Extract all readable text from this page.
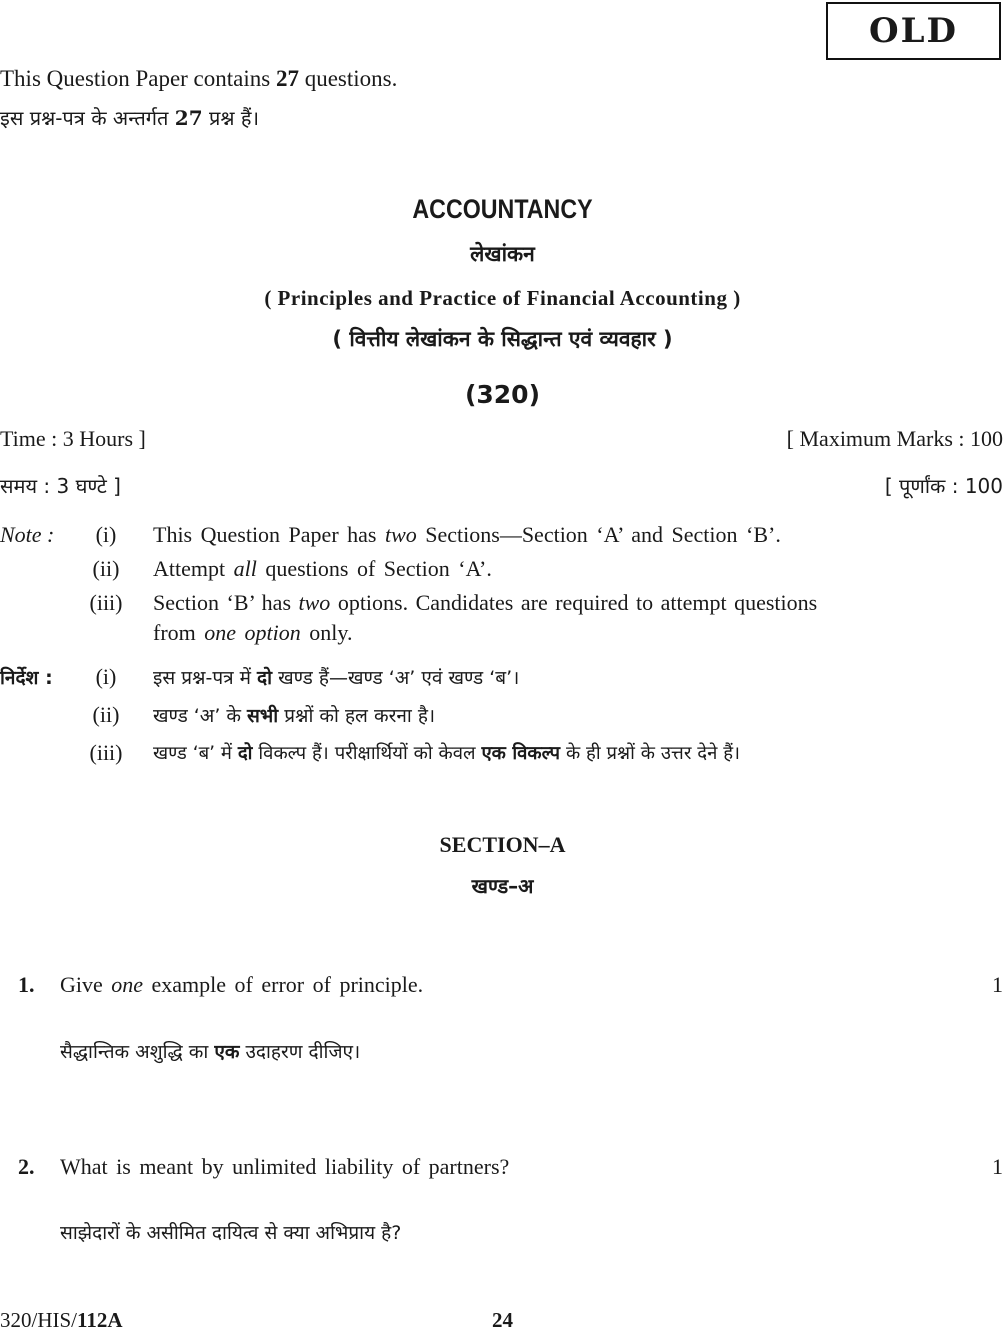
OLD
This Question Paper contains 27 questions.
इस प्रश्न-पत्र के अन्तर्गत 27 प्रश्न हैं।
ACCOUNTANCY
लेखांकन
( Principles and Practice of Financial Accounting )
( वित्तीय लेखांकन के सिद्धान्त एवं व्यवहार )
(320)
Time : 3 Hours ]	[ Maximum Marks : 100
समय : 3 घण्टे ]	[ पूर्णांक : 100
Note :	(i)	This Question Paper has two Sections—Section ‘A’ and Section ‘B’.
(ii)	Attempt all questions of Section ‘A’.
(iii)	Section ‘B’ has two options. Candidates are required to attempt questions
from one option only.
निर्देश :	(i)	इस प्रश्न-पत्र में दो खण्ड हैं—खण्ड ‘अ’ एवं खण्ड ‘ब’।
(ii)	खण्ड ‘अ’ के सभी प्रश्नों को हल करना है।
(iii)	खण्ड ‘ब’ में दो विकल्प हैं। परीक्षार्थियों को केवल एक विकल्प के ही प्रश्नों के उत्तर देने हैं।
SECTION–A
खण्ड–अ
1. Give one example of error of principle.	1
सैद्धान्तिक अशुद्धि का एक उदाहरण दीजिए।
2. What is meant by unlimited liability of partners?	1
साझेदारों के असीमित दायित्व से क्या अभिप्राय है?
320/HIS/112A	24
